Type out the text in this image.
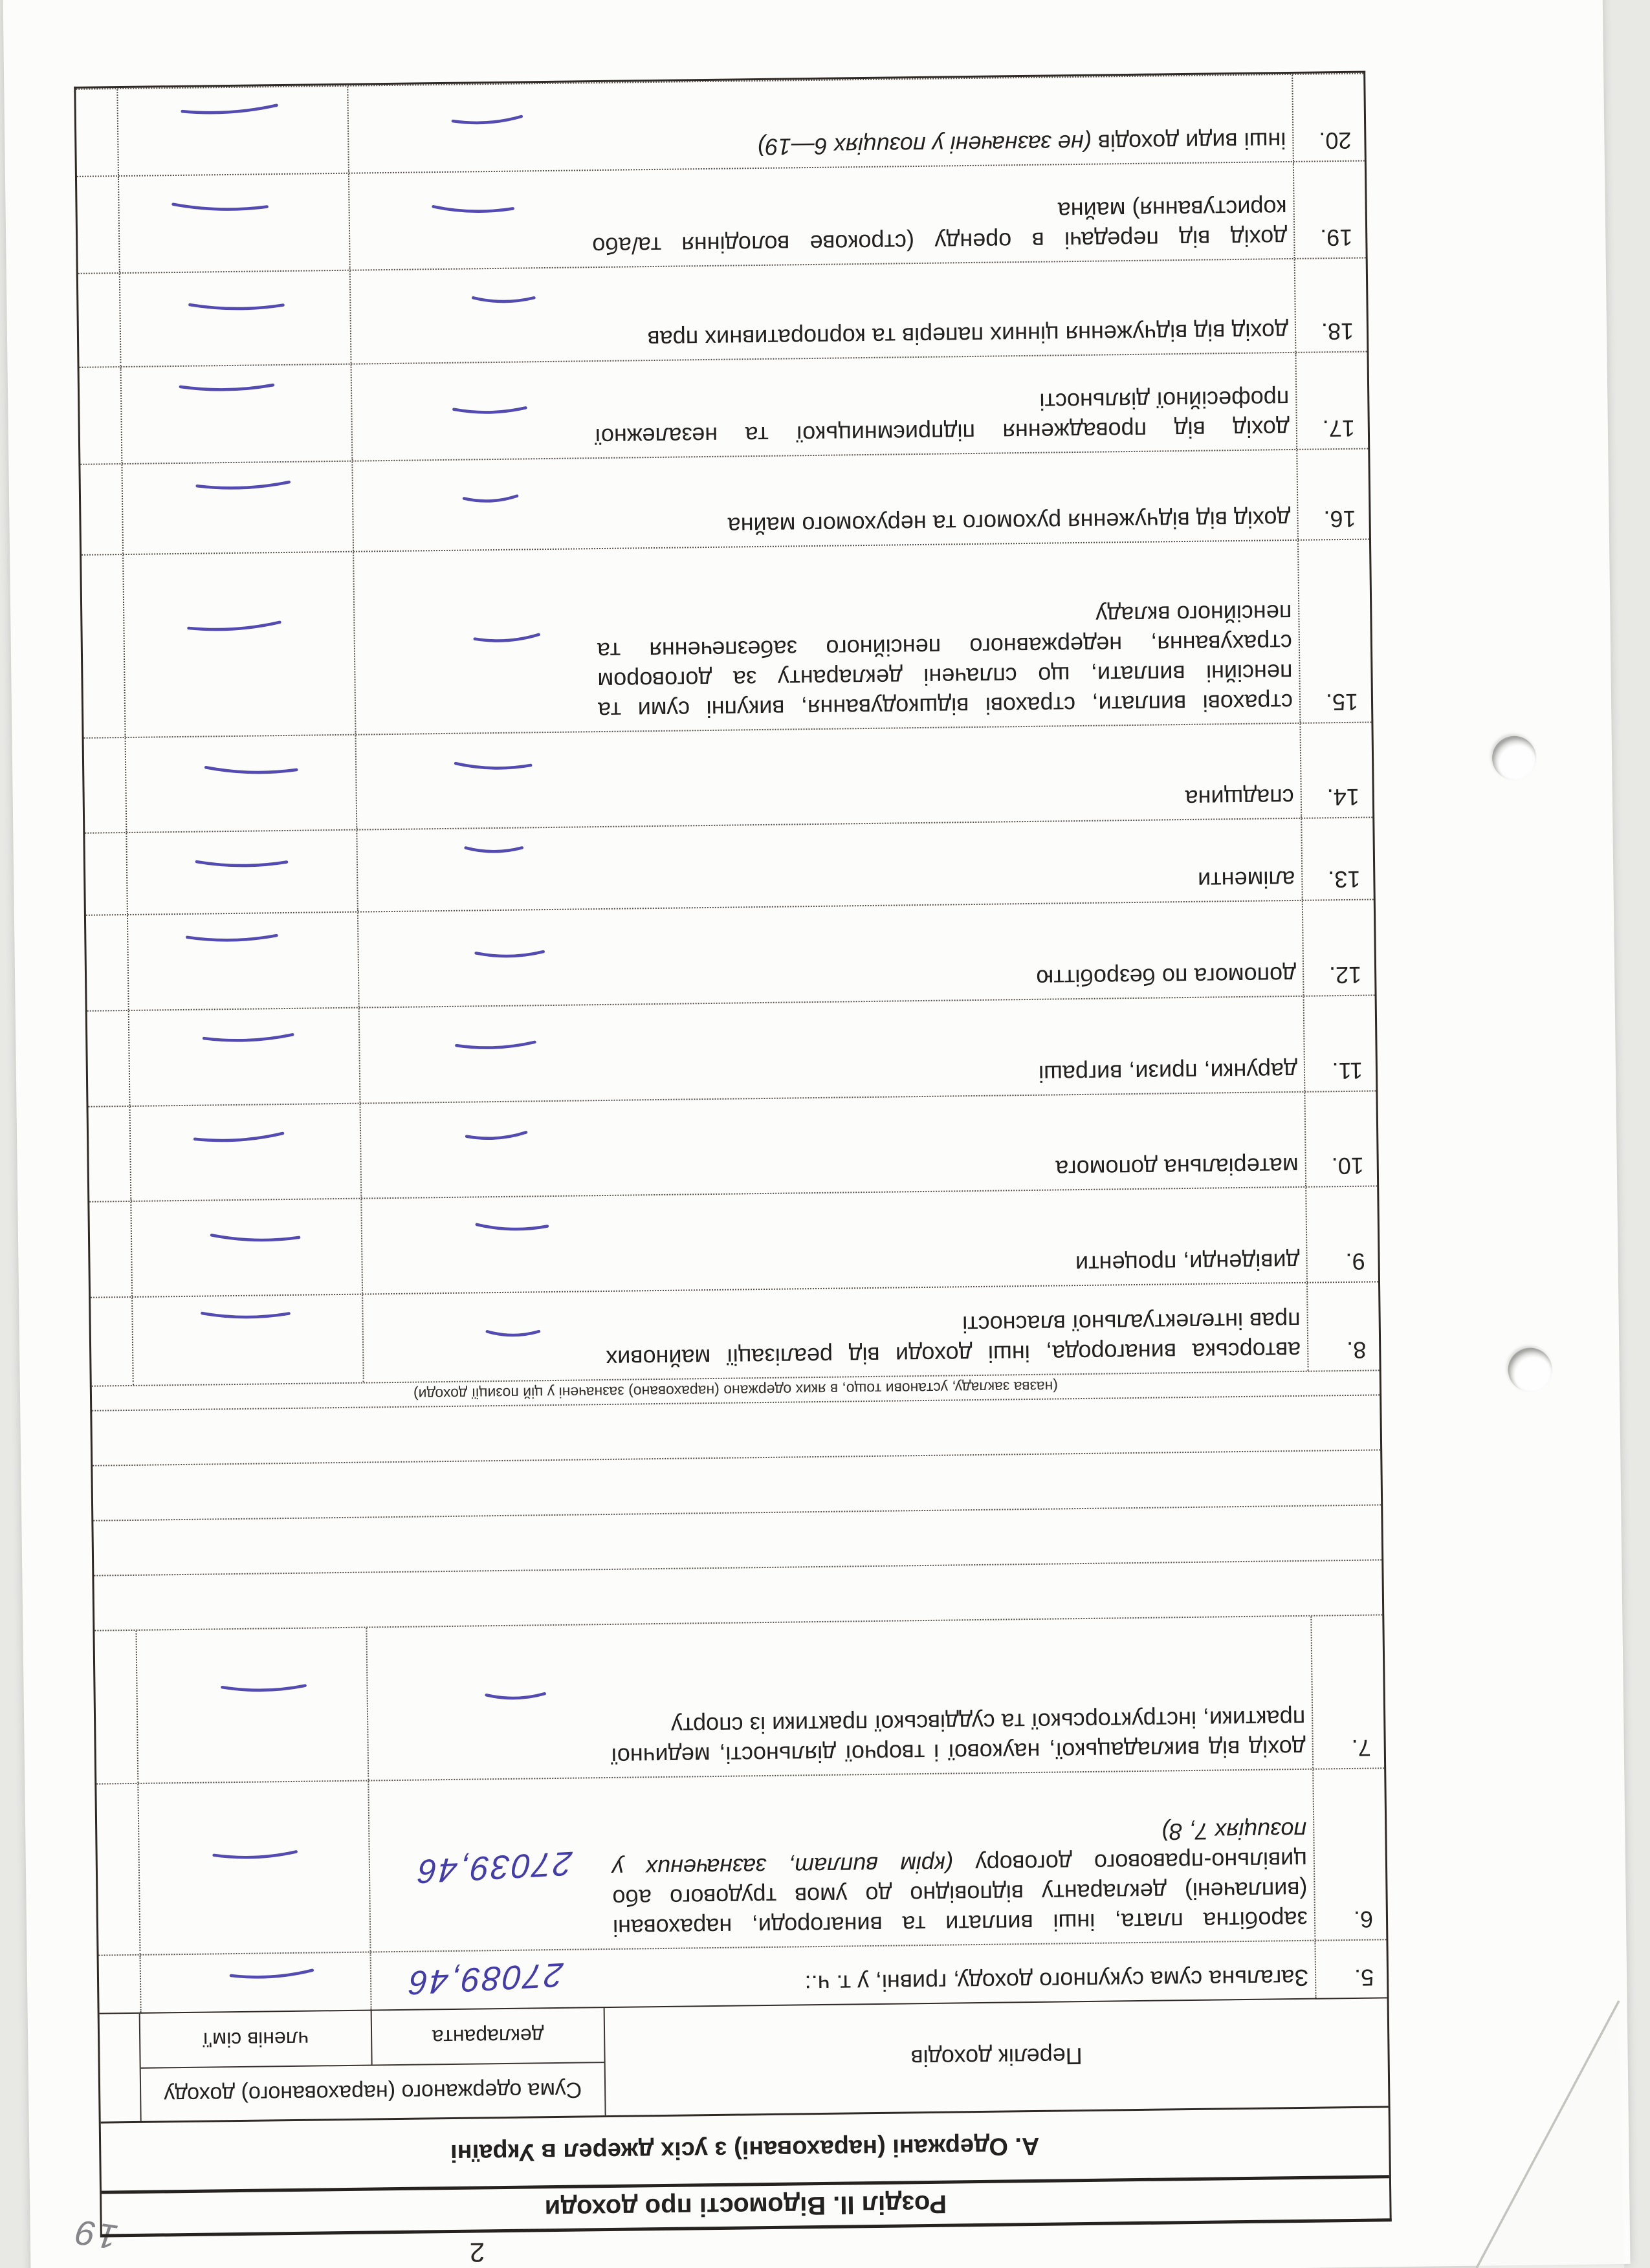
2
19
Розділ II. Відомості про доходи
А. Одержані (нараховані) з усіх джерел в Україні
Перелік доходів
Сума одержаного (нарахованого) доходу
декларанта
членів сім'ї
5.
Загальна сума сукупного доходу, гривні, у т. ч.:
27089,46
6.
заробітна плата, інші виплати та винагороди, нараховані (виплачені) декларанту відповідно до умов трудового або цивільно-правового договору (крім виплат, зазначених у позиціях 7, 8)
27039,46
7.
дохід від викладацької, наукової і творчої діяльності, медичної практики, інструкторської та суддівської практики із спорту
(назва закладу, установи тощо, в яких одержано (нараховано) зазначені у цій позиції доходи)
8.
авторська винагорода, інші доходи від реалізації майнових прав інтелектуальної власності
9.
дивіденди, проценти
10.
матеріальна допомога
11.
дарунки, призи, виграші
12.
допомога по безробіттю
13.
аліменти
14.
спадщина
15.
страхові виплати, страхові відшкодування, викупні суми та пенсійні виплати, що сплачені декларанту за договором страхування, недержавного пенсійного забезпечення та пенсійного вкладу
16.
дохід від відчуження рухомого та нерухомого майна
17.
дохід від провадження підприємницької та незалежної професійної діяльності
18.
дохід від відчуження цінних паперів та корпоративних прав
19.
дохід від передачі в оренду (строкове володіння та/або користування) майна
20.
інші види доходів (не зазначені у позиціях 6—19)
